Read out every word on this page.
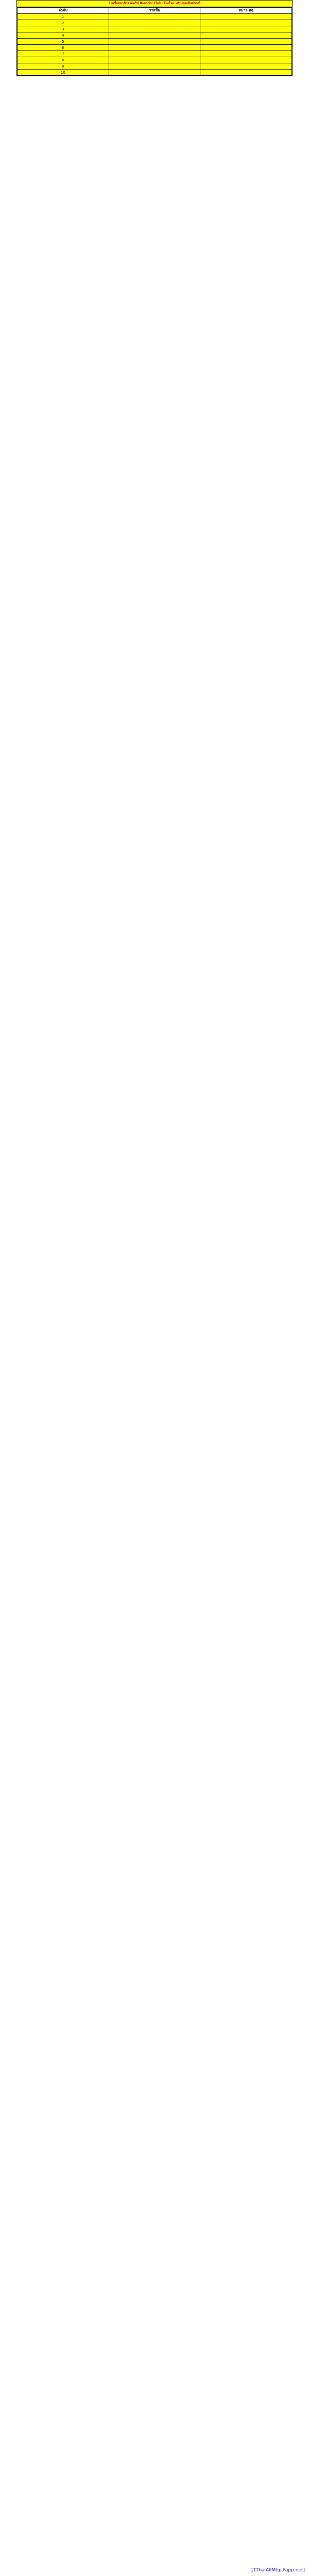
รายชื่อสมาชิกร่วมทริป Bianchi Club เชียงใหม่ ทริป ดอยอินทนนท์
ลำดับ	รายชื่อ	หมายเหตุ
1		
2		
3		
4		
5		
6		
7		
8		
9		
10		
[TThaiAllMtip.Fapp.net]
